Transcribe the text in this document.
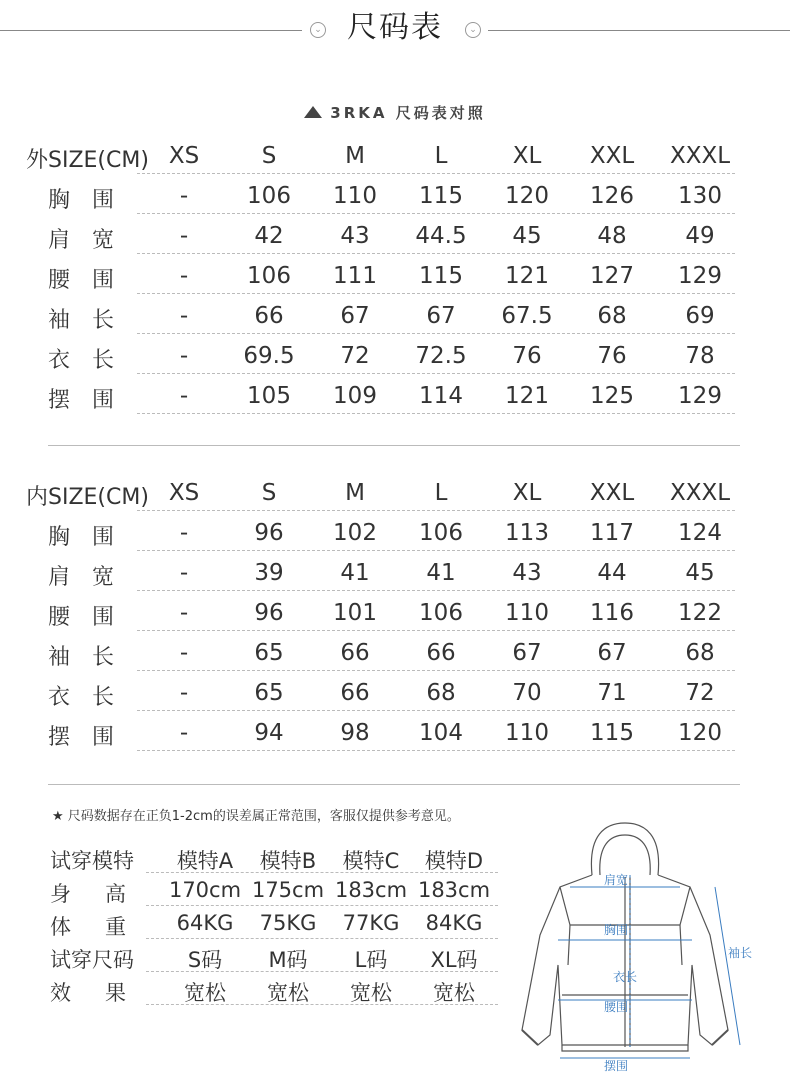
⌄ 尺码表	⌄
3RKA 尺码表对照
外SIZE(CM) XS	S	M	L	XL	XXL	XXXL
胸围	-	106	110	115	120	126	130
肩宽	-	42	43	44.5	45	48	49
腰围	-	106	111	115	121	127	129
袖长	-	66	67	67	67.5	68	69
衣长	-	69.5	72	72.5	76	76	78
摆围	-	105	109	114	121	125	129
内SIZE(CM) XS	S	M	L	XL	XXL	XXXL
胸围	-	96	102	106	113	117	124
肩宽	-	39	41	41	43	44	45
腰围	-	96	101	106	110	116	122
袖长	-	65	66	66	67	67	68
衣长	-	65	66	68	70	71	72
摆围	-	94	98	104	110	115	120
★ 尺码数据存在正负1-2cm的误差属正常范围，客服仅提供参考意见。
试穿模特	模特A	模特B	模特C	模特D
身高 170cm 175cm 183cm 183cm
体重 64KG	75KG	77KG	84KG
试穿尺码	S码	M码	L码	XL码
效果	宽松	宽松	宽松	宽松
肩宽
胸围
衣长
腰围
摆围
袖长
